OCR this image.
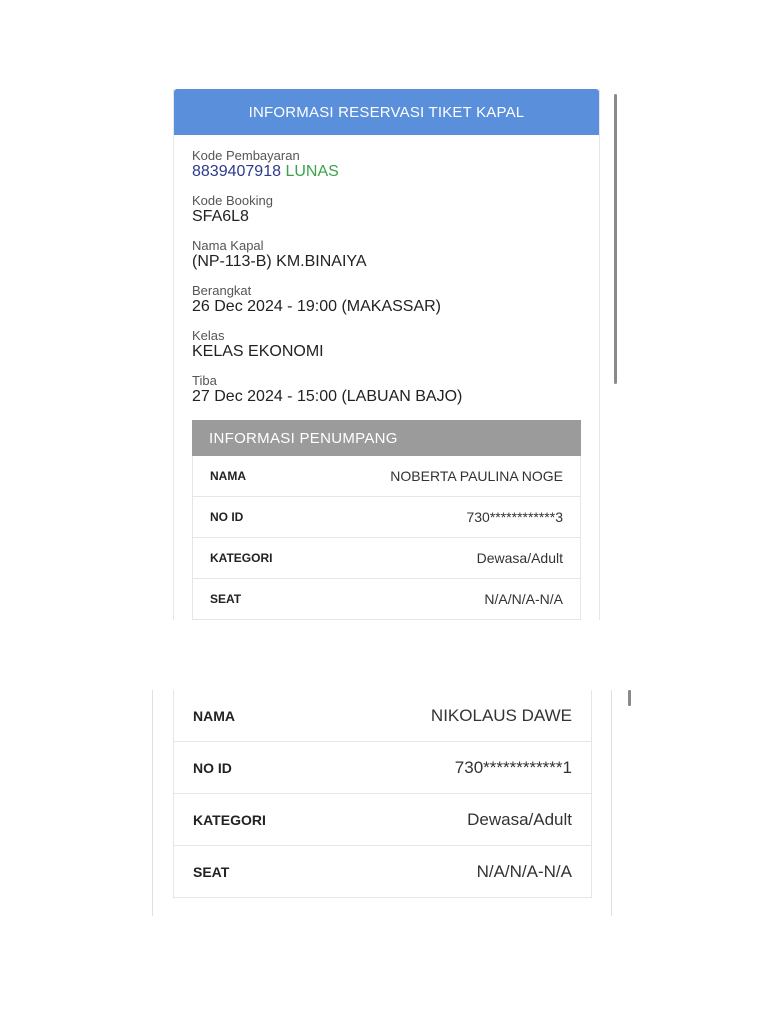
INFORMASI RESERVASI TIKET KAPAL
Kode Pembayaran
8839407918 LUNAS
Kode Booking
SFA6L8
Nama Kapal
(NP-113-B) KM.BINAIYA
Berangkat
26 Dec 2024 - 19:00 (MAKASSAR)
Kelas
KELAS EKONOMI
Tiba
27 Dec 2024 - 15:00 (LABUAN BAJO)
INFORMASI PENUMPANG
NAMA	NOBERTA PAULINA NOGE
NO ID	730************3
KATEGORI	Dewasa/Adult
SEAT	N/A/N/A-N/A
NAMA	NIKOLAUS DAWE
NO ID	730************1
KATEGORI	Dewasa/Adult
SEAT	N/A/N/A-N/A
